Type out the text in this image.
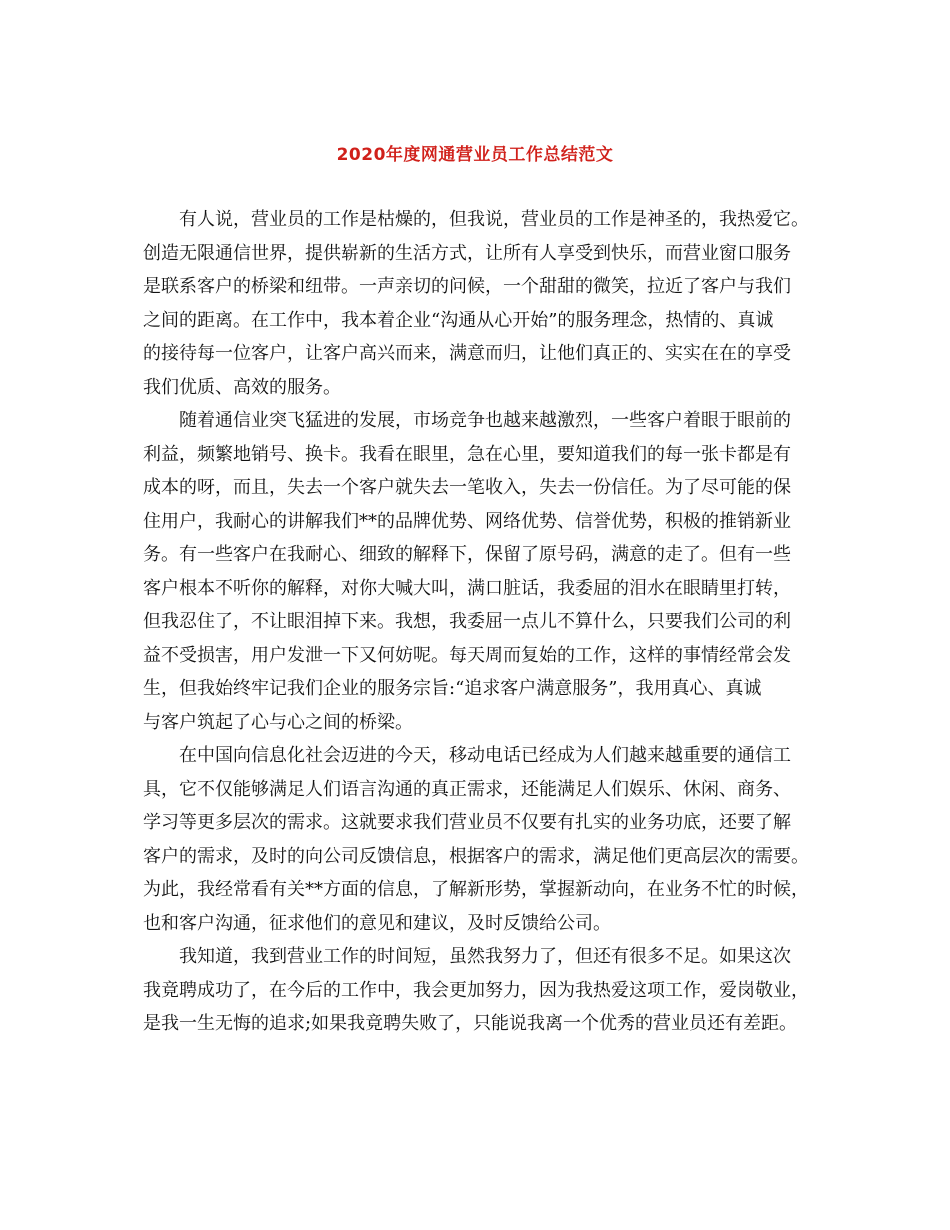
2020年度网通营业员工作总结范文
有人说，营业员的工作是枯燥的，但我说，营业员的工作是神圣的，我热爱它。
创造无限通信世界，提供崭新的生活方式，让所有人享受到快乐，而营业窗口服务
是联系客户的桥梁和纽带。一声亲切的问候，一个甜甜的微笑，拉近了客户与我们
之间的距离。在工作中，我本着企业“沟通从心开始”的服务理念，热情的、真诚
的接待每一位客户，让客户高兴而来，满意而归，让他们真正的、实实在在的享受
我们优质、高效的服务。
随着通信业突飞猛进的发展，市场竞争也越来越激烈，一些客户着眼于眼前的
利益，频繁地销号、换卡。我看在眼里，急在心里，要知道我们的每一张卡都是有
成本的呀，而且，失去一个客户就失去一笔收入，失去一份信任。为了尽可能的保
住用户，我耐心的讲解我们**的品牌优势、网络优势、信誉优势，积极的推销新业
务。有一些客户在我耐心、细致的解释下，保留了原号码，满意的走了。但有一些
客户根本不听你的解释，对你大喊大叫，满口脏话，我委屈的泪水在眼睛里打转，
但我忍住了，不让眼泪掉下来。我想，我委屈一点儿不算什么，只要我们公司的利
益不受损害，用户发泄一下又何妨呢。每天周而复始的工作，这样的事情经常会发
生，但我始终牢记我们企业的服务宗旨:“追求客户满意服务”，我用真心、真诚
与客户筑起了心与心之间的桥梁。
在中国向信息化社会迈进的今天，移动电话已经成为人们越来越重要的通信工
具，它不仅能够满足人们语言沟通的真正需求，还能满足人们娱乐、休闲、商务、
学习等更多层次的需求。这就要求我们营业员不仅要有扎实的业务功底，还要了解
客户的需求，及时的向公司反馈信息，根据客户的需求，满足他们更高层次的需要。
为此，我经常看有关**方面的信息，了解新形势，掌握新动向，在业务不忙的时候，
也和客户沟通，征求他们的意见和建议，及时反馈给公司。
我知道，我到营业工作的时间短，虽然我努力了，但还有很多不足。如果这次
我竟聘成功了，在今后的工作中，我会更加努力，因为我热爱这项工作，爱岗敬业，
是我一生无悔的追求;如果我竟聘失败了，只能说我离一个优秀的营业员还有差距。
